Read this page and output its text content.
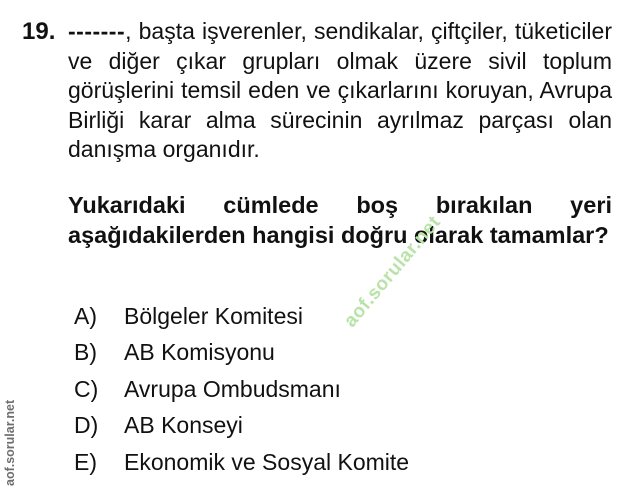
19. -------, başta işverenler, sendikalar, çiftçiler, tüketiciler ve diğer çıkar grupları olmak üzere sivil toplum görüşlerini temsil eden ve çıkarlarını koruyan, Avrupa Birliği karar alma sürecinin ayrılmaz parçası olan danışma organıdır.
Yukarıdaki cümlede boş bırakılan yeri aşağıdakilerden hangisi doğru olarak tamamlar?
A)	Bölgeler Komitesi
B)	AB Komisyonu
C)	Avrupa Ombudsmanı
D)	AB Konseyi
E)	Ekonomik ve Sosyal Komite
aof.sorular.net
aof.sorular.net
